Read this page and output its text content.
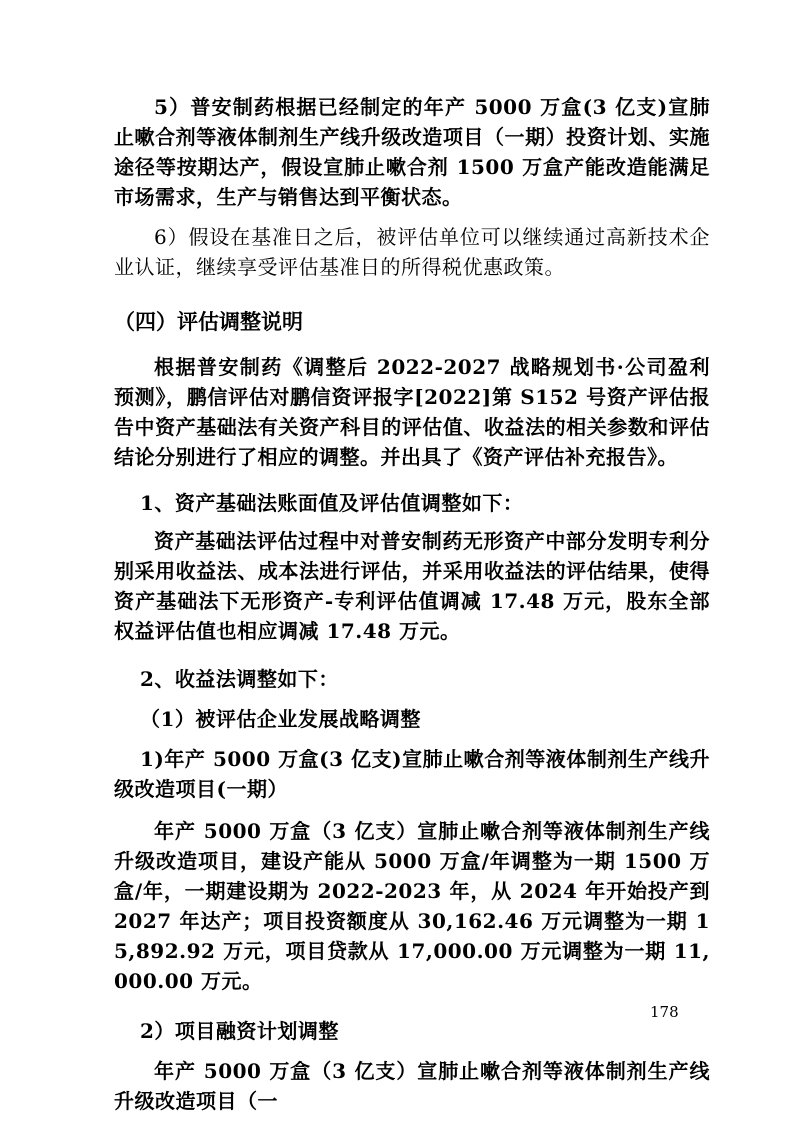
5）普安制药根据已经制定的年产 5000 万盒(3 亿支)宣肺止嗽合剂等液体制剂生产线升级改造项目（一期）投资计划、实施途径等按期达产，假设宣肺止嗽合剂 1500 万盒产能改造能满足市场需求，生产与销售达到平衡状态。

6）假设在基准日之后，被评估单位可以继续通过高新技术企业认证，继续享受评估基准日的所得税优惠政策。

（四）评估调整说明

根据普安制药《调整后 2022-2027 战略规划书·公司盈利预测》，鹏信评估对鹏信资评报字[2022]第 S152 号资产评估报告中资产基础法有关资产科目的评估值、收益法的相关参数和评估结论分别进行了相应的调整。并出具了《资产评估补充报告》。

1、资产基础法账面值及评估值调整如下：

资产基础法评估过程中对普安制药无形资产中部分发明专利分别采用收益法、成本法进行评估，并采用收益法的评估结果，使得资产基础法下无形资产-专利评估值调减 17.48 万元，股东全部权益评估值也相应调减 17.48 万元。

2、收益法调整如下：

（1）被评估企业发展战略调整

1)年产 5000 万盒(3 亿支)宣肺止嗽合剂等液体制剂生产线升级改造项目(一期）

年产 5000 万盒（3 亿支）宣肺止嗽合剂等液体制剂生产线升级改造项目，建设产能从 5000 万盒/年调整为一期 1500 万盒/年，一期建设期为 2022-2023 年，从 2024 年开始投产到 2027 年达产；项目投资额度从 30,162.46 万元调整为一期 15,892.92 万元，项目贷款从 17,000.00 万元调整为一期 11,000.00 万元。

2）项目融资计划调整

年产 5000 万盒（3 亿支）宣肺止嗽合剂等液体制剂生产线升级改造项目（一

178
